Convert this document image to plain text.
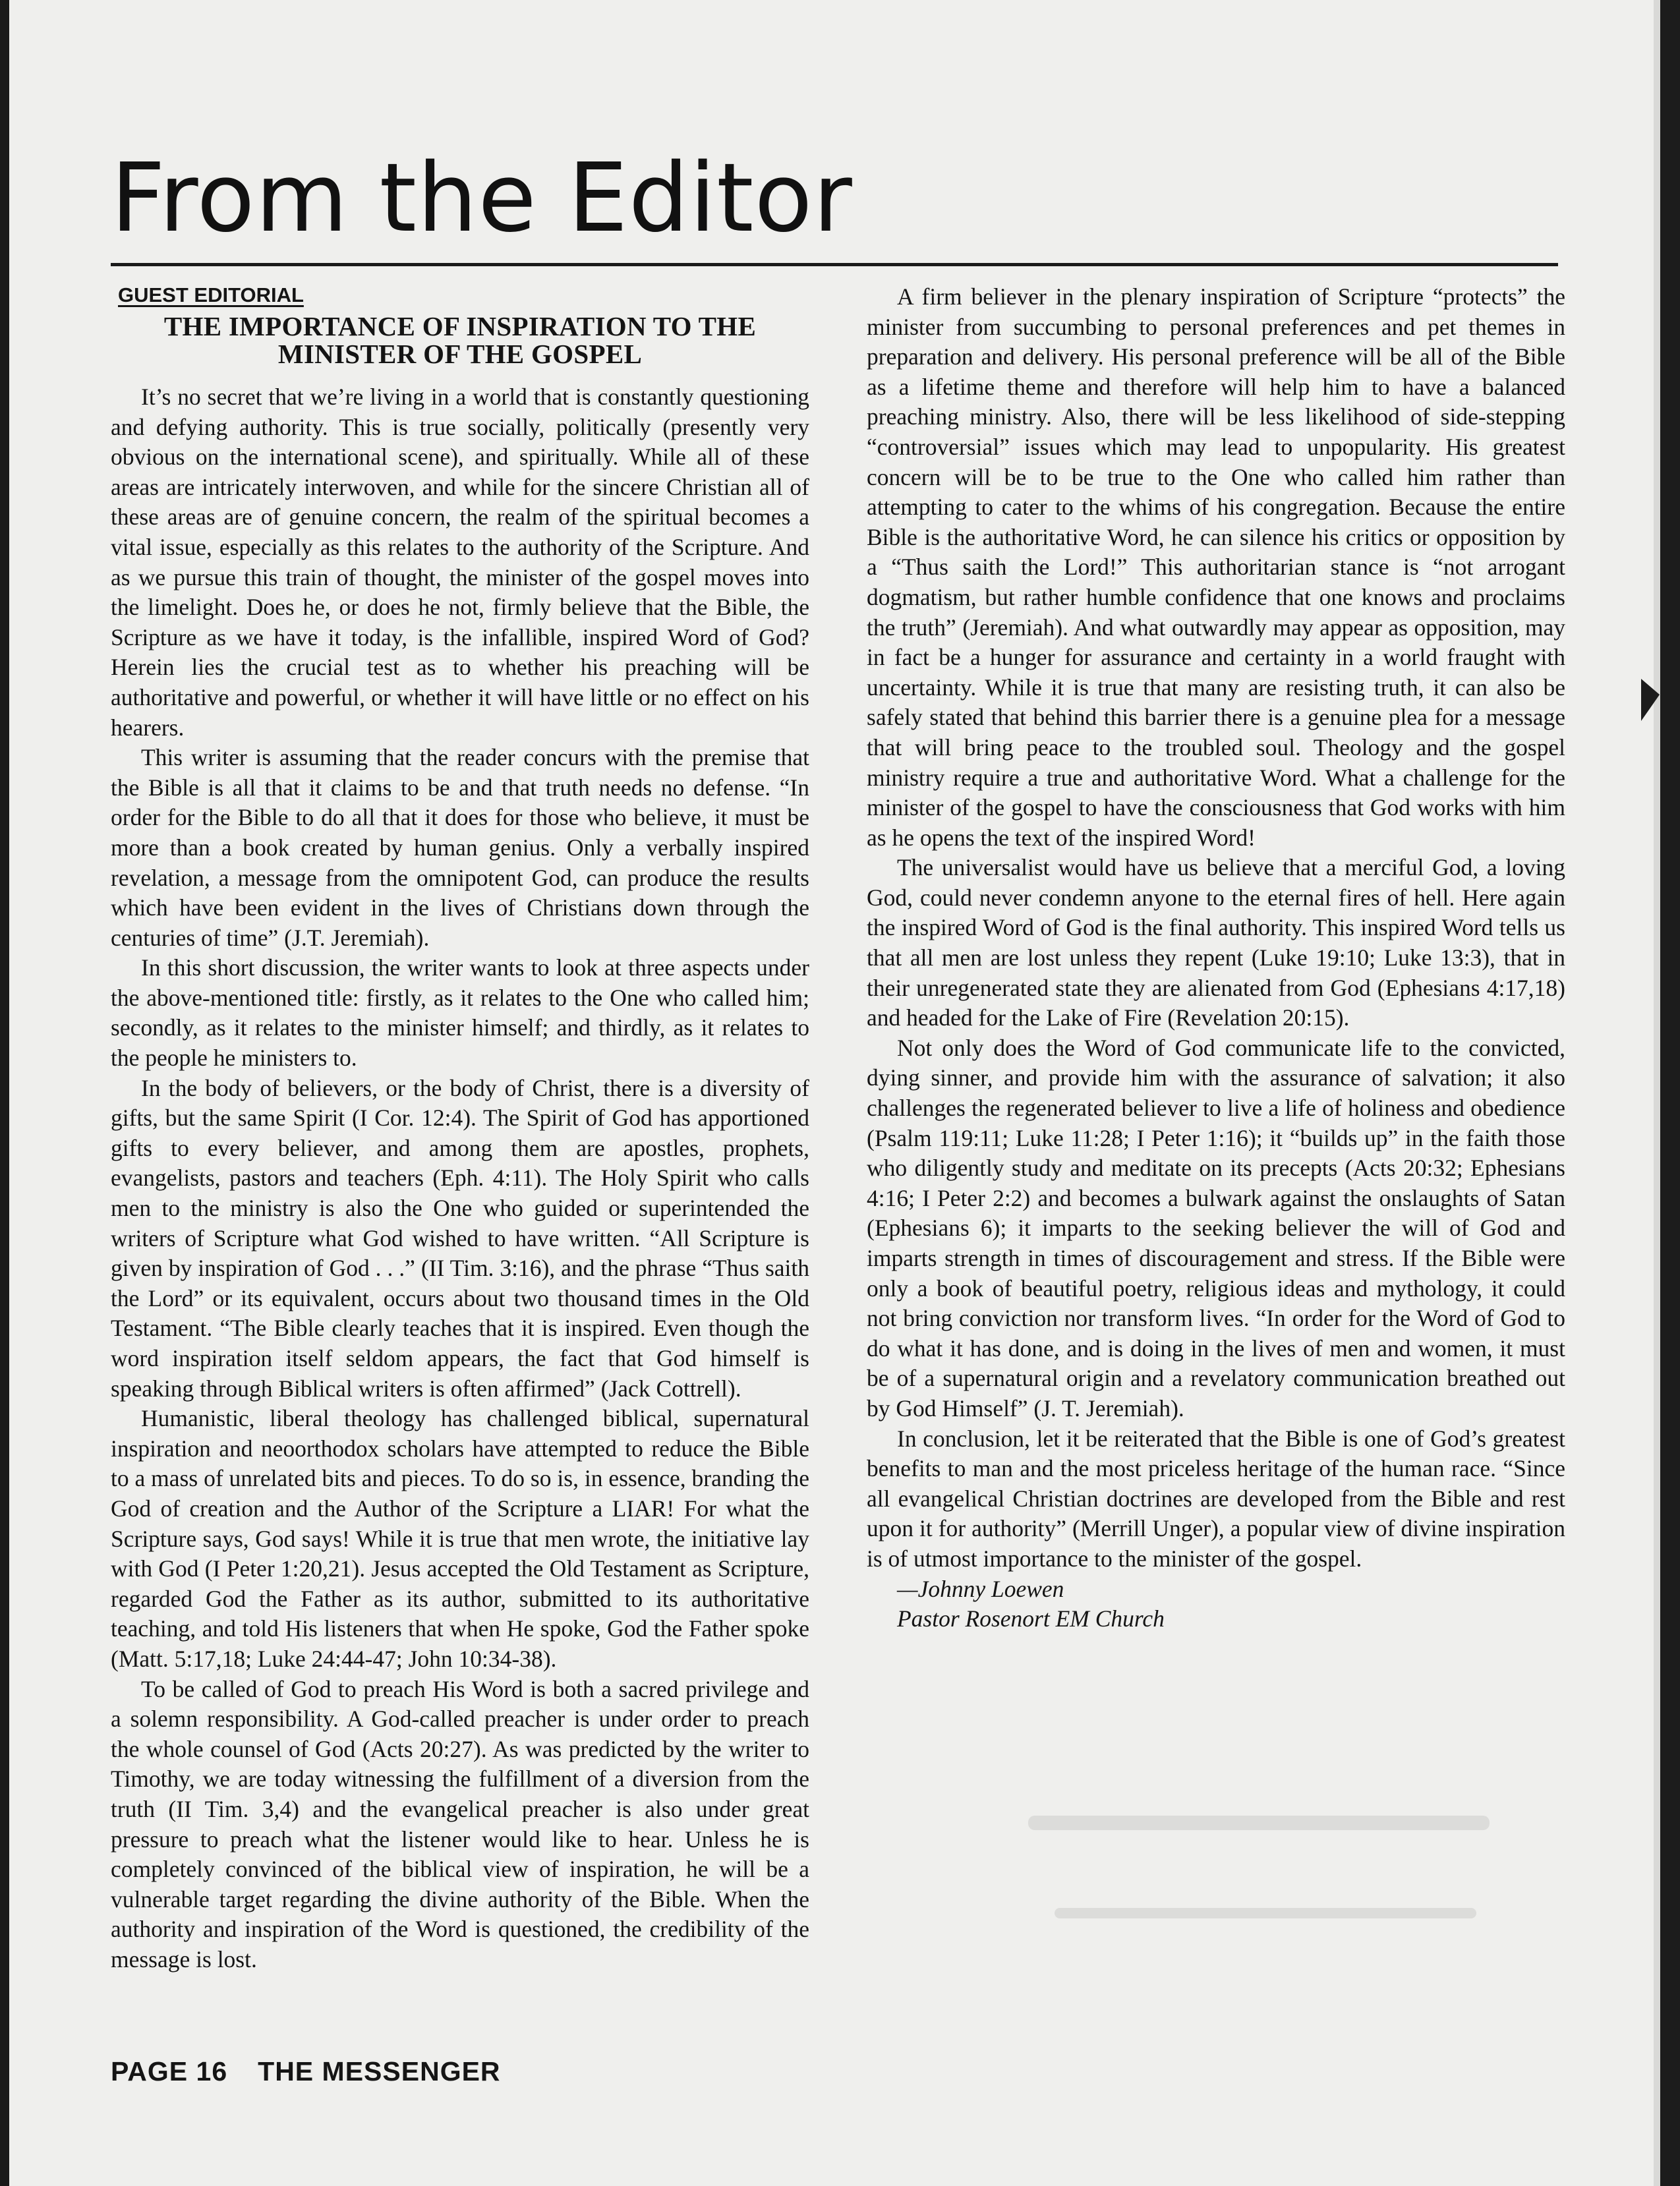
From the Editor
GUEST EDITORIAL
THE IMPORTANCE OF INSPIRATION TO THE MINISTER OF THE GOSPEL

It’s no secret that we’re living in a world that is constantly questioning and defying authority. This is true socially, politically (presently very obvious on the international scene), and spiritually. While all of these areas are intricately interwoven, and while for the sincere Christian all of these areas are of genuine concern, the realm of the spiritual becomes a vital issue, especially as this relates to the authority of the Scripture. And as we pursue this train of thought, the minister of the gospel moves into the limelight. Does he, or does he not, firmly believe that the Bible, the Scripture as we have it today, is the infallible, inspired Word of God? Herein lies the crucial test as to whether his preaching will be authoritative and powerful, or whether it will have little or no effect on his hearers.

This writer is assuming that the reader concurs with the premise that the Bible is all that it claims to be and that truth needs no defense. “In order for the Bible to do all that it does for those who believe, it must be more than a book created by human genius. Only a verbally inspired revelation, a message from the omnipotent God, can produce the results which have been evident in the lives of Christians down through the centuries of time” (J.T. Jeremiah).

In this short discussion, the writer wants to look at three aspects under the above-mentioned title: firstly, as it relates to the One who called him; secondly, as it relates to the minister himself; and thirdly, as it relates to the people he ministers to.

In the body of believers, or the body of Christ, there is a diversity of gifts, but the same Spirit (I Cor. 12:4). The Spirit of God has apportioned gifts to every believer, and among them are apostles, prophets, evangelists, pastors and teachers (Eph. 4:11). The Holy Spirit who calls men to the ministry is also the One who guided or superintended the writers of Scripture what God wished to have written. “All Scripture is given by inspiration of God . . .” (II Tim. 3:16), and the phrase “Thus saith the Lord” or its equivalent, occurs about two thousand times in the Old Testament. “The Bible clearly teaches that it is inspired. Even though the word inspiration itself seldom appears, the fact that God himself is speaking through Biblical writers is often affirmed” (Jack Cottrell).

Humanistic, liberal theology has challenged biblical, supernatural inspiration and neoorthodox scholars have attempted to reduce the Bible to a mass of unrelated bits and pieces. To do so is, in essence, branding the God of creation and the Author of the Scripture a LIAR! For what the Scripture says, God says! While it is true that men wrote, the initiative lay with God (I Peter 1:20,21). Jesus accepted the Old Testament as Scripture, regarded God the Father as its author, submitted to its authoritative teaching, and told His listeners that when He spoke, God the Father spoke (Matt. 5:17,18; Luke 24:44-47; John 10:34-38).

To be called of God to preach His Word is both a sacred privilege and a solemn responsibility. A God-called preacher is under order to preach the whole counsel of God (Acts 20:27). As was predicted by the writer to Timothy, we are today witnessing the fulfillment of a diversion from the truth (II Tim. 3,4) and the evangelical preacher is also under great pressure to preach what the listener would like to hear. Unless he is completely convinced of the biblical view of inspiration, he will be a vulnerable target regarding the divine authority of the Bible. When the authority and inspiration of the Word is questioned, the credibility of the message is lost.

A firm believer in the plenary inspiration of Scripture “protects” the minister from succumbing to personal preferences and pet themes in preparation and delivery. His personal preference will be all of the Bible as a lifetime theme and therefore will help him to have a balanced preaching ministry. Also, there will be less likelihood of side-stepping “controversial” issues which may lead to unpopularity. His greatest concern will be to be true to the One who called him rather than attempting to cater to the whims of his congregation. Because the entire Bible is the authoritative Word, he can silence his critics or opposition by a “Thus saith the Lord!” This authoritarian stance is “not arrogant dogmatism, but rather humble confidence that one knows and proclaims the truth” (Jeremiah). And what outwardly may appear as opposition, may in fact be a hunger for assurance and certainty in a world fraught with uncertainty. While it is true that many are resisting truth, it can also be safely stated that behind this barrier there is a genuine plea for a message that will bring peace to the troubled soul. Theology and the gospel ministry require a true and authoritative Word. What a challenge for the minister of the gospel to have the consciousness that God works with him as he opens the text of the inspired Word!

The universalist would have us believe that a merciful God, a loving God, could never condemn anyone to the eternal fires of hell. Here again the inspired Word of God is the final authority. This inspired Word tells us that all men are lost unless they repent (Luke 19:10; Luke 13:3), that in their unregenerated state they are alienated from God (Ephesians 4:17,18) and headed for the Lake of Fire (Revelation 20:15).

Not only does the Word of God communicate life to the convicted, dying sinner, and provide him with the assurance of salvation; it also challenges the regenerated believer to live a life of holiness and obedience (Psalm 119:11; Luke 11:28; I Peter 1:16); it “builds up” in the faith those who diligently study and meditate on its precepts (Acts 20:32; Ephesians 4:16; I Peter 2:2) and becomes a bulwark against the onslaughts of Satan (Ephesians 6); it imparts to the seeking believer the will of God and imparts strength in times of discouragement and stress. If the Bible were only a book of beautiful poetry, religious ideas and mythology, it could not bring conviction nor transform lives. “In order for the Word of God to do what it has done, and is doing in the lives of men and women, it must be of a supernatural origin and a revelatory communication breathed out by God Himself” (J. T. Jeremiah).

In conclusion, let it be reiterated that the Bible is one of God’s greatest benefits to man and the most priceless heritage of the human race. “Since all evangelical Christian doctrines are developed from the Bible and rest upon it for authority” (Merrill Unger), a popular view of divine inspiration is of utmost importance to the minister of the gospel.

—Johnny Loewen

Pastor Rosenort EM Church

PAGE 16 THE MESSENGER
